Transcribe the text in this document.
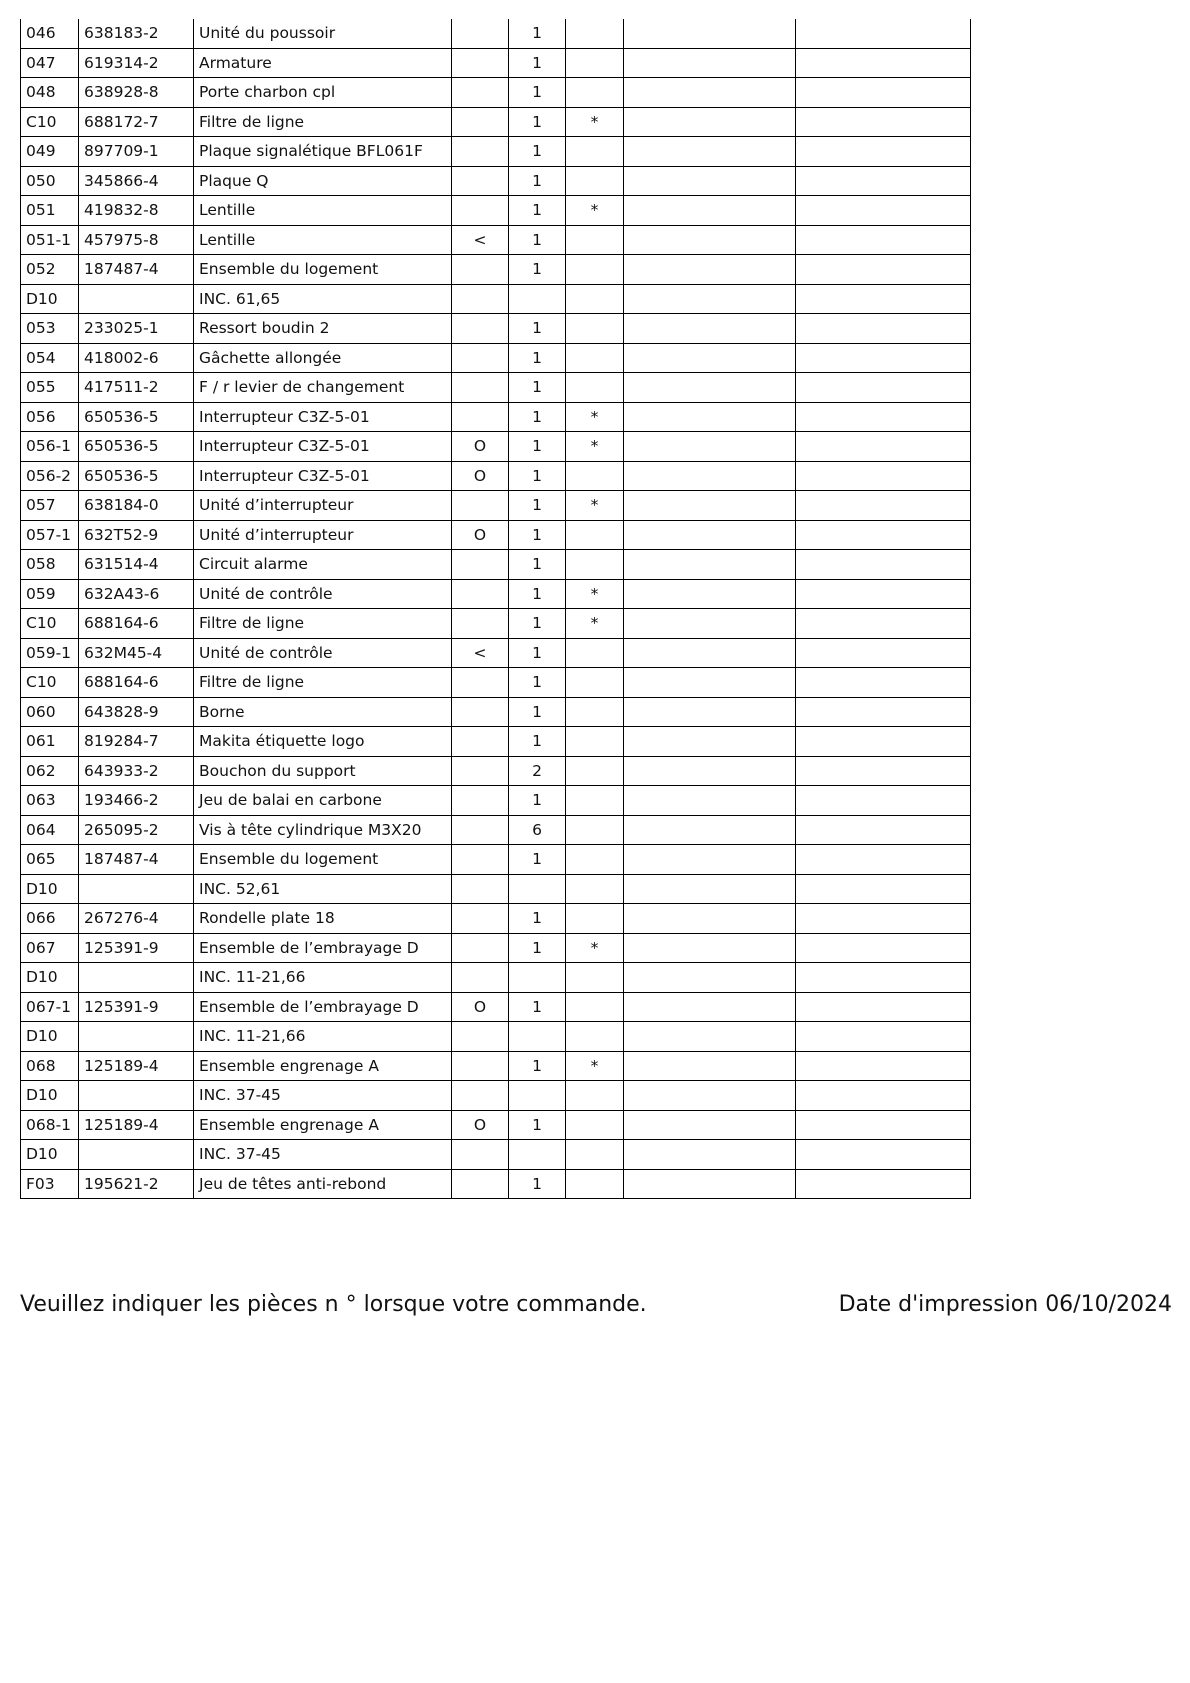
046	638183-2	Unité du poussoir		1			
047	619314-2	Armature		1			
048	638928-8	Porte charbon cpl		1			
C10	688172-7	Filtre de ligne		1	*		
049	897709-1	Plaque signalétique BFL061F		1			
050	345866-4	Plaque Q		1			
051	419832-8	Lentille		1	*		
051-1	457975-8	Lentille	<	1			
052	187487-4	Ensemble du logement		1			
D10		INC. 61,65					
053	233025-1	Ressort boudin 2		1			
054	418002-6	Gâchette allongée		1			
055	417511-2	F / r levier de changement		1			
056	650536-5	Interrupteur C3Z-5-01		1	*		
056-1	650536-5	Interrupteur C3Z-5-01	O	1	*		
056-2	650536-5	Interrupteur C3Z-5-01	O	1			
057	638184-0	Unité d’interrupteur		1	*		
057-1	632T52-9	Unité d’interrupteur	O	1			
058	631514-4	Circuit alarme		1			
059	632A43-6	Unité de contrôle		1	*		
C10	688164-6	Filtre de ligne		1	*		
059-1	632M45-4	Unité de contrôle	<	1			
C10	688164-6	Filtre de ligne		1			
060	643828-9	Borne		1			
061	819284-7	Makita étiquette logo		1			
062	643933-2	Bouchon du support		2			
063	193466-2	Jeu de balai en carbone		1			
064	265095-2	Vis à tête cylindrique M3X20		6			
065	187487-4	Ensemble du logement		1			
D10		INC. 52,61					
066	267276-4	Rondelle plate 18		1			
067	125391-9	Ensemble de l’embrayage D		1	*		
D10		INC. 11-21,66					
067-1	125391-9	Ensemble de l’embrayage D	O	1			
D10		INC. 11-21,66					
068	125189-4	Ensemble engrenage A		1	*		
D10		INC. 37-45					
068-1	125189-4	Ensemble engrenage A	O	1			
D10		INC. 37-45					
F03	195621-2	Jeu de têtes anti-rebond		1			
Veuillez indiquer les pièces n ° lorsque votre commande.	Date d'impression 06/10/2024
